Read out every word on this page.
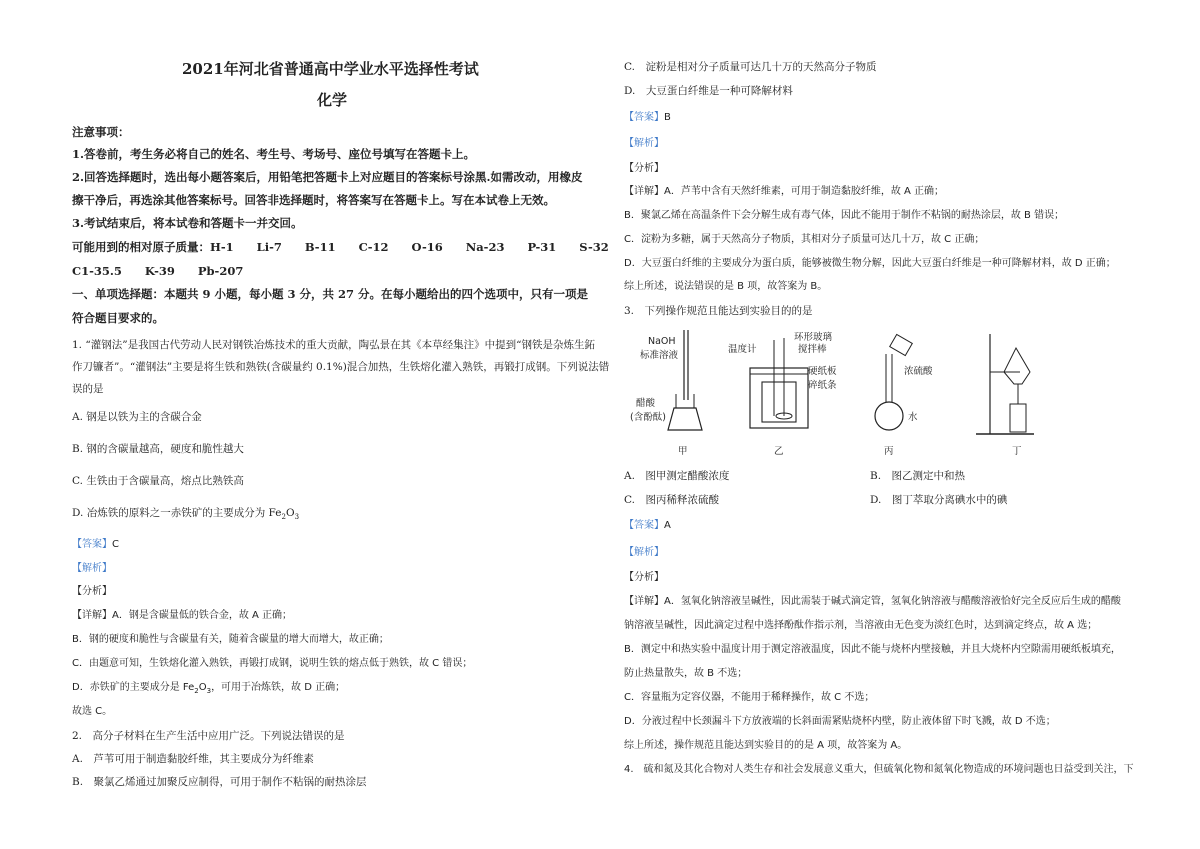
2021年河北省普通高中学业水平选择性考试
化学
注意事项：
1.答卷前，考生务必将自己的姓名、考生号、考场号、座位号填写在答题卡上。
2.回答选择题时，选出每小题答案后，用铅笔把答题卡上对应题目的答案标号涂黑.如需改动，用橡皮
擦干净后，再选涂其他答案标号。回答非选择题时，将答案写在答题卡上。写在本试卷上无效。
3.考试结束后，将本试卷和答题卡一并交回。
可能用到的相对原子质量：H-1　　Li-7　　B-11　　C-12　　O-16　　Na-23　　P-31　　S-32
C1-35.5　　K-39　　Pb-207
一、单项选择题：本题共 9 小题，每小题 3 分，共 27 分。在每小题给出的四个选项中，只有一项是
符合题目要求的。
1. “灌钢法”是我国古代劳动人民对钢铁冶炼技术的重大贡献，陶弘景在其《本草经集注》中提到“钢铁是杂炼生鉐
作刀镰者”。“灌钢法”主要是将生铁和熟铁(含碳量约 0.1%)混合加热，生铁熔化灌入熟铁，再锻打成钢。下列说法错
误的是
A. 钢是以铁为主的含碳合金
B. 钢的含碳量越高，硬度和脆性越大
C. 生铁由于含碳量高，熔点比熟铁高
D. 冶炼铁的原料之一赤铁矿的主要成分为 $Fe_2O_3$
【答案】C
【解析】
【分析】
【详解】A．钢是含碳量低的铁合金，故 A 正确；
B．钢的硬度和脆性与含碳量有关，随着含碳量的增大而增大，故正确；
C．由题意可知，生铁熔化灌入熟铁，再锻打成钢，说明生铁的熔点低于熟铁，故 C 错误；
D．赤铁矿的主要成分是 $Fe_2O_3$，可用于冶炼铁，故 D 正确；
故选 C。
2.　高分子材料在生产生活中应用广泛。下列说法错误的是
A.　芦苇可用于制造黏胶纤维，其主要成分为纤维素
B.　聚氯乙烯通过加聚反应制得，可用于制作不粘锅的耐热涂层
C.　淀粉是相对分子质量可达几十万的天然高分子物质
D.　大豆蛋白纤维是一种可降解材料
【答案】B
【解析】
【分析】
【详解】A．芦苇中含有天然纤维素，可用于制造黏胶纤维，故 A 正确；
B．聚氯乙烯在高温条件下会分解生成有毒气体，因此不能用于制作不粘锅的耐热涂层，故 B 错误；
C．淀粉为多糖，属于天然高分子物质，其相对分子质量可达几十万，故 C 正确；
D．大豆蛋白纤维的主要成分为蛋白质，能够被微生物分解，因此大豆蛋白纤维是一种可降解材料，故 D 正确；
综上所述，说法错误的是 B 项，故答案为 B。
3.　下列操作规范且能达到实验目的的是
A.　图甲测定醋酸浓度	B.　图乙测定中和热
C.　图丙稀释浓硫酸	D.　图丁萃取分离碘水中的碘
【答案】A
【解析】
【分析】
【详解】A．氢氧化钠溶液呈碱性，因此需装于碱式滴定管，氢氧化钠溶液与醋酸溶液恰好完全反应后生成的醋酸
钠溶液呈碱性，因此滴定过程中选择酚酞作指示剂，当溶液由无色变为淡红色时，达到滴定终点，故 A 选；
B．测定中和热实验中温度计用于测定溶液温度，因此不能与烧杯内壁接触，并且大烧杯内空隙需用硬纸板填充，
防止热量散失，故 B 不选；
C．容量瓶为定容仪器，不能用于稀释操作，故 C 不选；
D．分液过程中长颈漏斗下方放液端的长斜面需紧贴烧杯内壁，防止液体留下时飞溅，故 D 不选；
综上所述，操作规范且能达到实验目的的是 A 项，故答案为 A。
4.　硫和氮及其化合物对人类生存和社会发展意义重大，但硫氧化物和氮氧化物造成的环境问题也日益受到关注，下
NaOH
标准溶液
醋酸
(含酚酞)
甲
温度计
环形玻璃
搅拌棒
硬纸板
碎纸条
乙
浓硫酸
水
丙	丁
